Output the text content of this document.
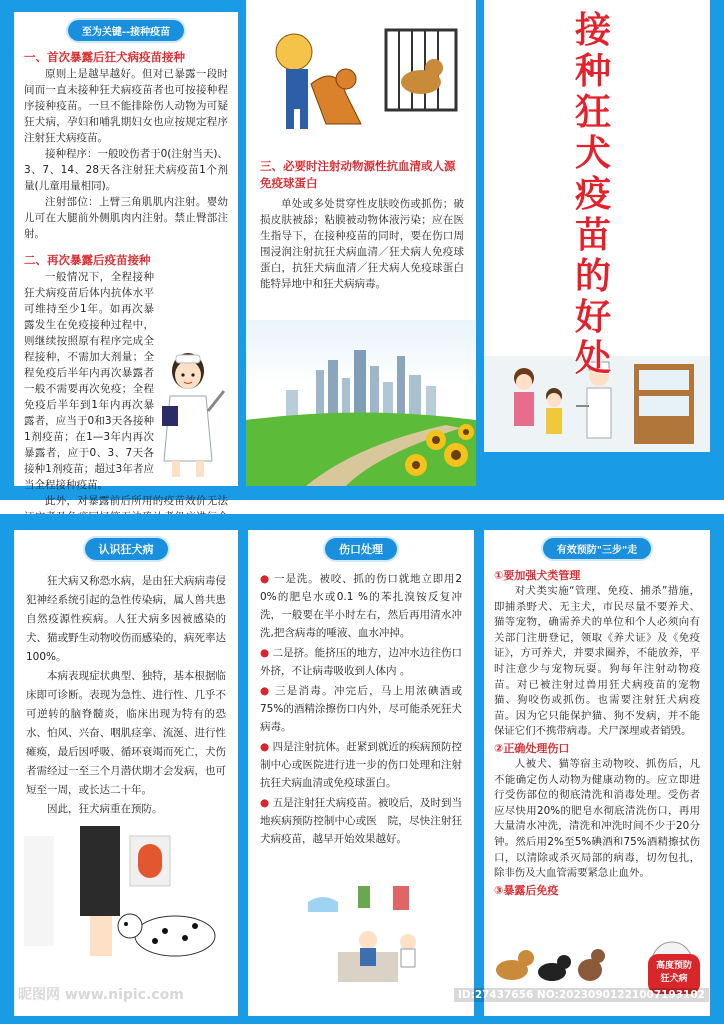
至为关键--接种疫苗
一、首次暴露后狂犬病疫苗接种
原则上是越早越好。但对已暴露一段时间而一直未接种狂犬病疫苗者也可按接种程序接种疫苗。一旦不能排除伤人动物为可疑狂犬病，孕妇和哺乳期妇女也应按规定程序注射狂犬病疫苗。
接种程序：一般咬伤者于0(注射当天)、3、7、14、28天各注射狂犬病疫苗1个剂量(儿童用量相同)。
注射部位：上臂三角肌肌内注射。婴幼儿可在大腿前外侧肌肉内注射。禁止臀部注射。
二、再次暴露后疫苗接种
一般情况下，全程接种狂犬病疫苗后体内抗体水平可维持至少1年。如再次暴露发生在免疫接种过程中，则继续按照原有程序完成全程接种，不需加大剂量；全程免疫后半年内再次暴露者一般不需要再次免疫；全程免疫后半年到1年内再次暴露者，应当于0和3天各接种1剂疫苗；在1—3年内再次暴露者，应于0、3、7天各接种1剂疫苗；超过3年者应当全程接种疫苗。
此外，对暴露前后所用的疫苗效价无法
三、必要时注射动物源性抗血清或人源免疫球蛋白
单处或多处贯穿性皮肤咬伤或抓伤；破损皮肤被舔；粘膜被动物体液污染；应在医生指导下，在接种疫苗的同时，要在伤口周围浸润注射抗狂犬病血清／狂犬病人免疫球蛋白，抗狂犬病血清／狂犬病人免疫球蛋白能特异地中和狂犬病病毒。
接
种
狂
犬
疫
苗
的
好
处
认识狂犬病
狂犬病又称恐水病，是由狂犬病病毒侵犯神经系统引起的急性传染病，属人兽共患自然疫源性疾病。人狂犬病多因被感染的犬、猫或野生动物咬伤而感染的，病死率达100%。
本病表现症状典型、独特，基本根据临床即可诊断。表现为急性、进行性、几乎不可逆转的脑脊髓炎，临床出现为特有的恐水、怕风、兴奋、咽肌痉挛、流涎、进行性瘫痪，最后因呼吸、循环衰竭而死亡，犬伤者需经过一至三个月潜伏期才会发病，也可短至一周，或长达二十年。
因此，狂犬病重在预防。
昵图网 www.nipic.com
伤口处理
● 一是洗。被咬、抓的伤口就地立即用2 0%的肥皂水或0.1 %的苯扎溴铵反复冲洗，一般要在半小时左右，然后再用清水冲洗,把含病毒的唾液、血水冲掉。
● 二是挤。能挤压的地方，边冲水边往伤口外挤，不让病毒吸收到人体内 。
● 三是消毒。冲完后，马上用浓碘酒或75%的酒精涂擦伤口内外，尽可能杀死狂犬病毒。
● 四是注射抗体。赶紧到就近的疾病预防控制中心或医院进行进一步的伤口处理和注射抗狂犬病血清或免疫球蛋白。
● 五是注射狂犬病疫苗。被咬后，及时到当地疾病预防控制中心或医　院，尽快注射狂犬病疫苗，越早开始效果越好。
有效预防"三步"走
①要加强犬类管理
对犬类实施“管理、免疫、捕杀”措施，即捕杀野犬、无主犬，市民尽量不要养犬、猫等宠物，确需养犬的单位和个人必须向有关部门注册登记，领取《养犬证》及《免疫证》，方可养犬，并要求圈养，不能放养，平时注意少与宠物玩耍。狗每年注射动物疫苗。对已被注射过兽用狂犬病疫苗的宠物猫、狗咬伤或抓伤。也需要注射狂犬病疫苗。因为它只能保护猫、狗不发病，并不能保证它们不携带病毒。犬尸深埋或者销毁。
②正确处理伤口
人被犬、猫等宿主动物咬、抓伤后，凡不能确定伤人动物为健康动物的。应立即进行受伤部位的彻底清洗和消毒处理。受伤者应尽快用20%的肥皂水彻底清洗伤口，再用大量清水冲洗，清洗和冲洗时间不少于20分钟。然后用2%至5%碘酒和75%酒精擦拭伤口，以清除或杀灭局部的病毒，切勿包扎，除非伤及大血管需要紧急止血外。
③暴露后免疫
高度预防狂犬病
ID:27437656 NO:20230901221007193102
